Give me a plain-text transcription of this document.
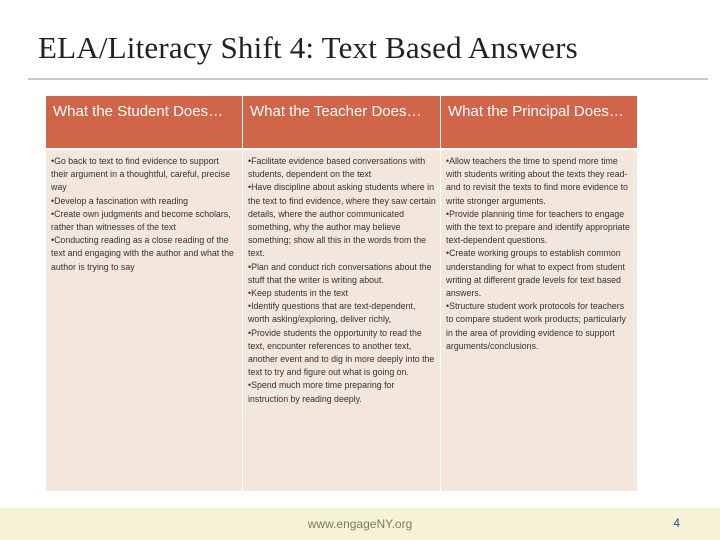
ELA/Literacy Shift 4: Text Based Answers
What the Student Does…

•Go back to text to find evidence to support their argument in a thoughtful, careful, precise way

•Develop a fascination with reading

•Create own judgments and become scholars, rather than witnesses of the text

•Conducting reading as a close reading of the text and engaging with the author and what the author is trying to say

What the Teacher Does…

•Facilitate evidence based conversations with students, dependent on the text

•Have discipline about asking students where in the text to find evidence, where they saw certain details, where the author communicated something, why the author may believe something; show all this in the words from the text.

•Plan and conduct rich conversations about the stuff that the writer is writing about.

•Keep students in the text

•Identify questions that are text-dependent, worth asking/exploring, deliver richly,

•Provide students the opportunity to read the text, encounter references to another text, another event and to dig in more deeply into the text to try and figure out what is going on.

•Spend much more time preparing for instruction by reading deeply.

What the Principal Does…

•Allow teachers the time to spend more time with students writing about the texts they read- and to revisit the texts to find more evidence to write stronger arguments.

•Provide planning time for teachers to engage with the text to prepare and identify appropriate text-dependent questions.

•Create working groups to establish common understanding for what to expect from student writing at different grade levels for text based answers.

•Structure student work protocols for teachers to compare student work products; particularly in the area of providing evidence to support arguments/conclusions.

www.engageNY.org	4
